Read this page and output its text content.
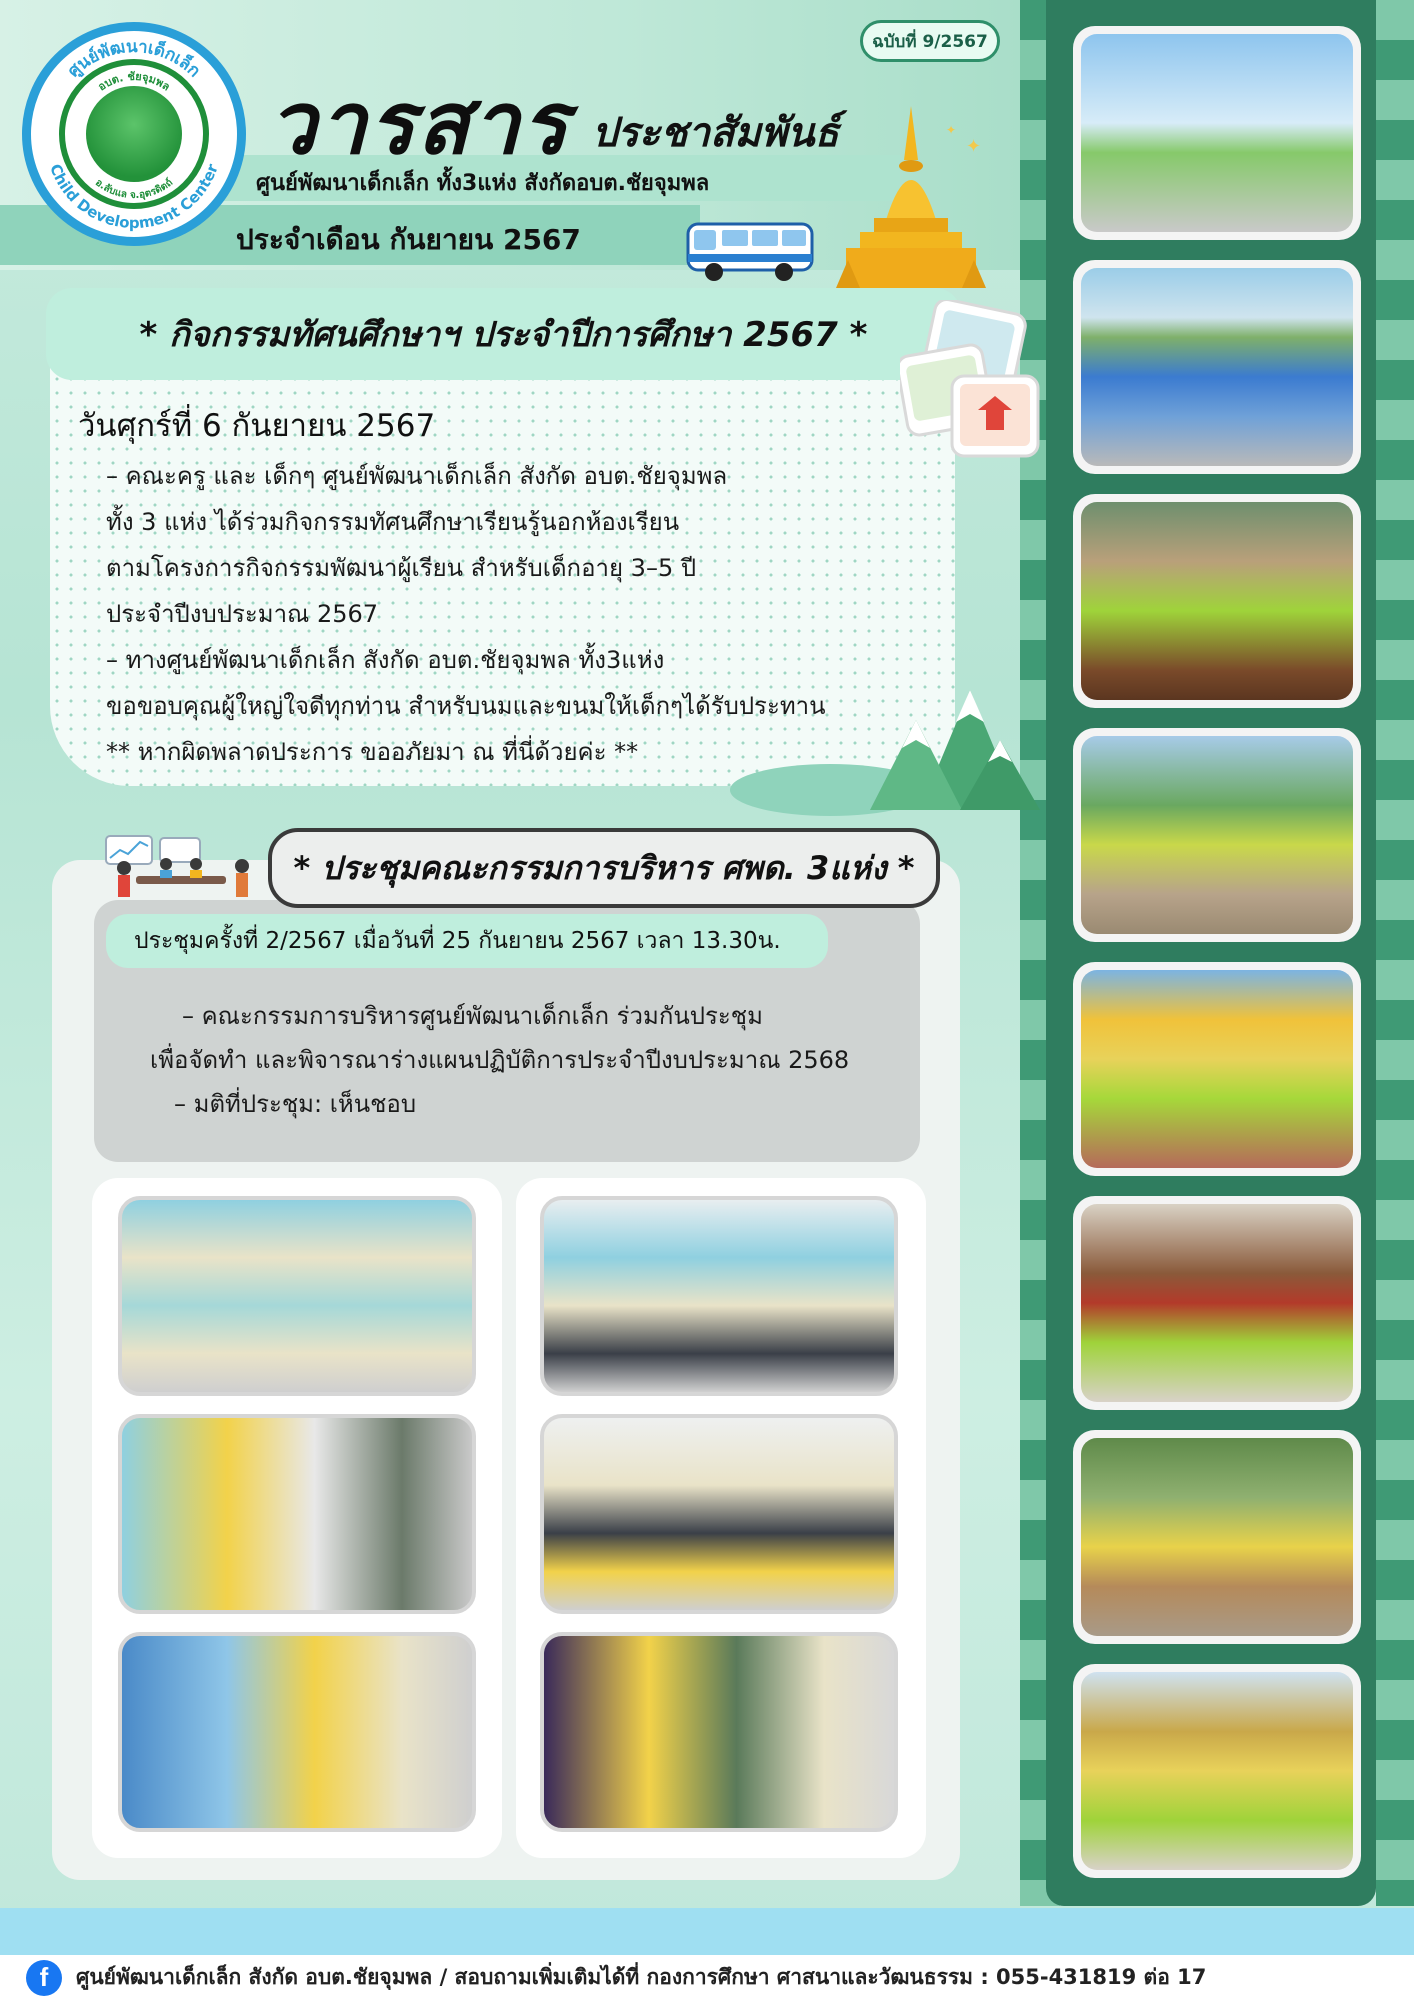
ศูนย์พัฒนาเด็กเล็ก
Child Development Center
อบต. ชัยจุมพล
อ.ลับแล จ.อุตรดิตถ์
ฉบับที่ 9/2567
วารสาร ประชาสัมพันธ์
ศูนย์พัฒนาเด็กเล็ก ทั้ง3แห่ง สังกัดอบต.ชัยจุมพล
ประจำเดือน กันยายน 2567
✦
✦
* กิจกรรมทัศนศึกษาฯ ประจำปีการศึกษา 2567 *
วันศุกร์ที่ 6 กันยายน 2567
– คณะครู และ เด็กๆ ศูนย์พัฒนาเด็กเล็ก สังกัด อบต.ชัยจุมพล
ทั้ง 3 แห่ง ได้ร่วมกิจกรรมทัศนศึกษาเรียนรู้นอกห้องเรียน
ตามโครงการกิจกรรมพัฒนาผู้เรียน สำหรับเด็กอายุ 3–5 ปี
ประจำปีงบประมาณ 2567
– ทางศูนย์พัฒนาเด็กเล็ก สังกัด อบต.ชัยจุมพล ทั้ง3แห่ง
ขอขอบคุณผู้ใหญ่ใจดีทุกท่าน สำหรับนมและขนมให้เด็กๆได้รับประทาน
** หากผิดพลาดประการ ขออภัยมา ณ ที่นี่ด้วยค่ะ **
* ประชุมคณะกรรมการบริหาร ศพด. 3แห่ง *
ประชุมครั้งที่ 2/2567 เมื่อวันที่ 25 กันยายน 2567 เวลา 13.30น.
– คณะกรรมการบริหารศูนย์พัฒนาเด็กเล็ก ร่วมกันประชุม
เพื่อจัดทำ และพิจารณาร่างแผนปฏิบัติการประจำปีงบประมาณ 2568
– มติที่ประชุม: เห็นชอบ
f	ศูนย์พัฒนาเด็กเล็ก สังกัด อบต.ชัยจุมพล / สอบถามเพิ่มเติมได้ที่ กองการศึกษา ศาสนาและวัฒนธรรม : 055-431819 ต่อ 17
